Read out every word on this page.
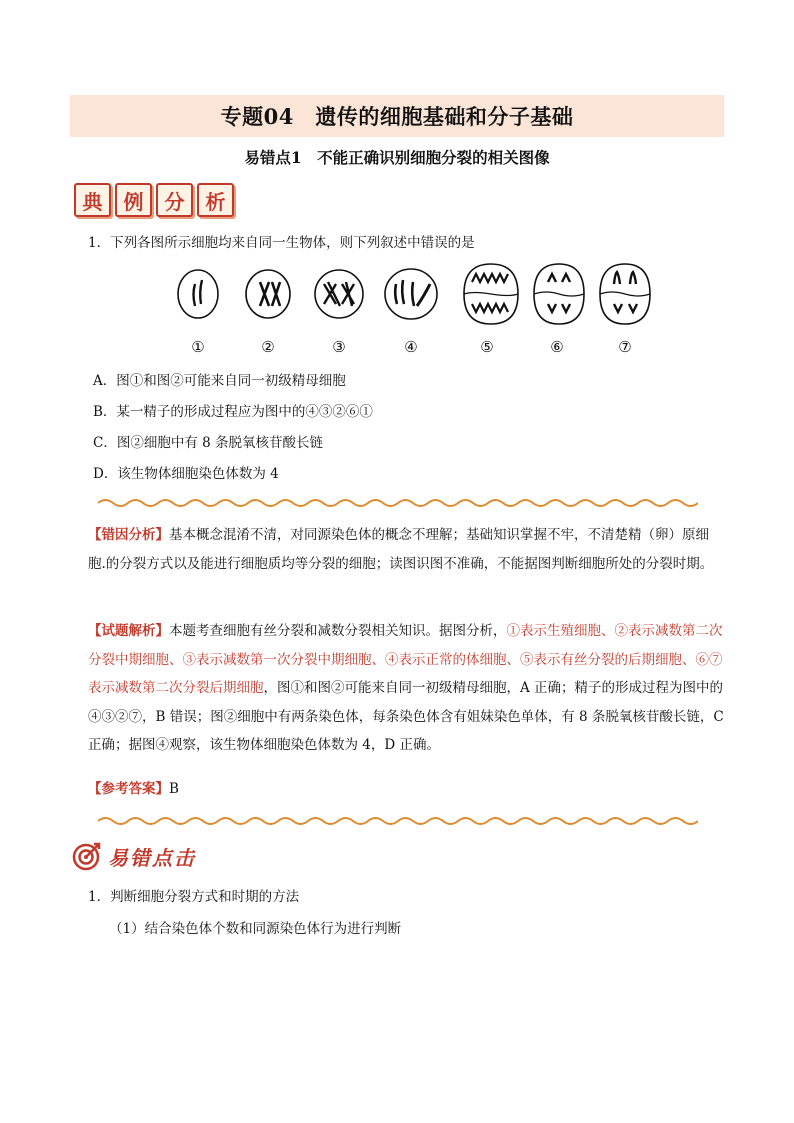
专题04　遗传的细胞基础和分子基础
易错点1　不能正确识别细胞分裂的相关图像
典	例	分	析
1．下列各图所示细胞均来自同一生物体，则下列叙述中错误的是
①	②	③	④	⑤	⑥	⑦
A．图①和图②可能来自同一初级精母细胞
B．某一精子的形成过程应为图中的④③②⑥①
C．图②细胞中有 8 条脱氧核苷酸长链
D．该生物体细胞染色体数为 4
【错因分析】基本概念混淆不清，对同源染色体的概念不理解；基础知识掌握不牢，不清楚精（卵）原细胞.的分裂方式以及能进行细胞质均等分裂的细胞；读图识图不准确，不能据图判断细胞所处的分裂时期。
【试题解析】本题考查细胞有丝分裂和减数分裂相关知识。据图分析，①表示生殖细胞、②表示减数第二次分裂中期细胞、③表示减数第一次分裂中期细胞、④表示正常的体细胞、⑤表示有丝分裂的后期细胞、⑥⑦表示减数第二次分裂后期细胞，图①和图②可能来自同一初级精母细胞，A 正确；精子的形成过程为图中的④③②⑦，B 错误；图②细胞中有两条染色体，每条染色体含有姐妹染色单体，有 8 条脱氧核苷酸长链，C 正确；据图④观察，该生物体细胞染色体数为 4，D 正确。
【参考答案】B
易错点击
1．判断细胞分裂方式和时期的方法
（1）结合染色体个数和同源染色体行为进行判断
